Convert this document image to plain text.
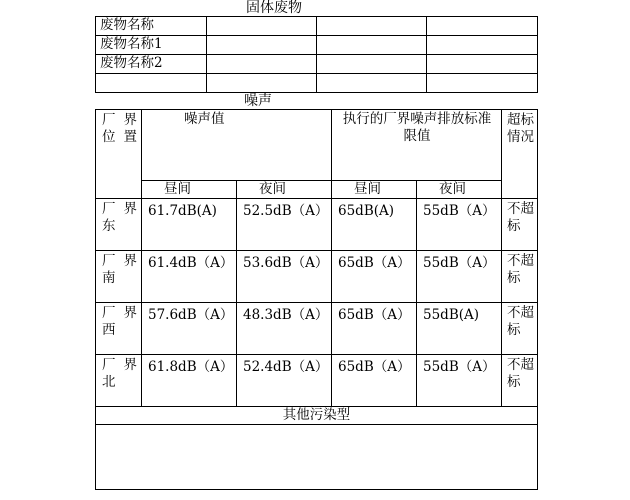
固体废物
废物名称			
废物名称1			
废物名称2			

噪声
厂界位置	噪声值		执行的厂界噪声排放标准限值		超标情况
	昼间	夜间	昼间	夜间	
厂界东	61.7dB(A)	52.5dB（A）	65dB(A)	55dB（A）	不超标
厂界南	61.4dB（A）	53.6dB（A）	65dB（A）	55dB（A）	不超标
厂界西	57.6dB（A）	48.3dB（A）	65dB（A）	55dB(A)	不超标
厂界北	61.8dB（A）	52.4dB（A）	65dB（A）	55dB（A）	不超标
其他污染型					
